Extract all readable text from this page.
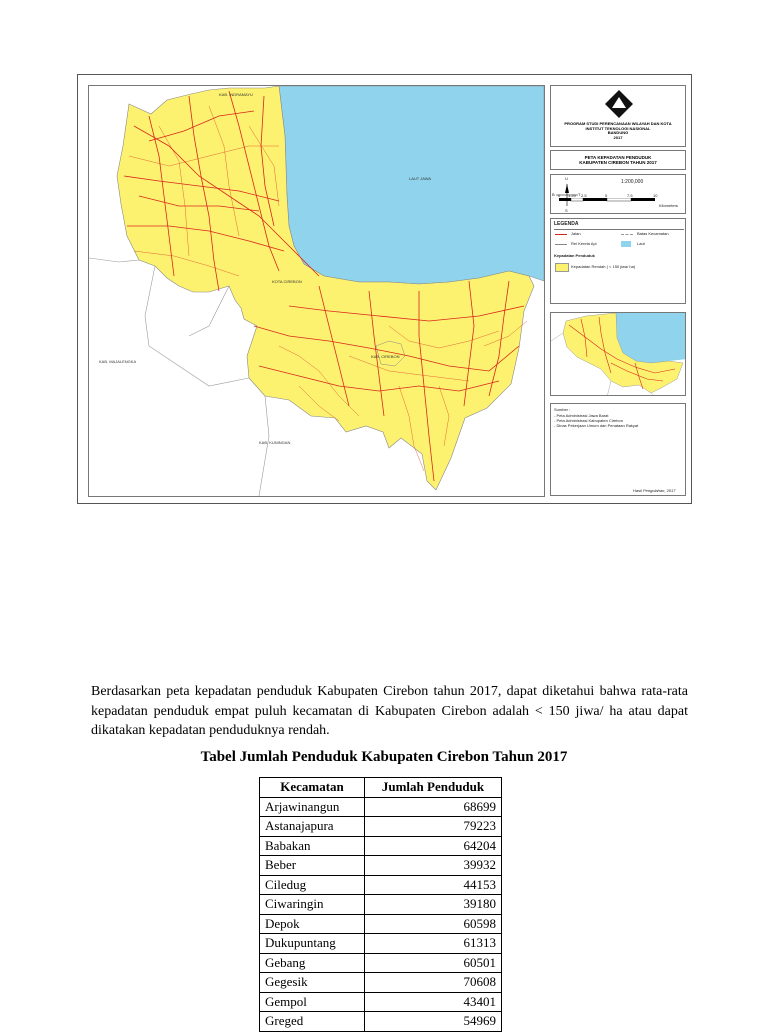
KAB. INDRAMAYU
KOTA CIREBON
KAB. MAJALENGKA
KAB. KUNINGAN
KAB. CIREBON
LAUT JAWA
PROGRAM STUDI PERENCANAAN WILAYAH DAN KOTA
INSTITUT TEKNOLOGI NASIONAL
BANDUNG
2017
PETA KEPADATAN PENDUDUK
KABUPATEN CIREBON TAHUN 2017
U
S
B	T
1:200,000
0 1.25 2.5	5	7.5	10
Kilometers
LEGENDA
Jalan	Batas Kecamatan
Rel Kereta Api	Laut
Kepadatan Penduduk
Kepadatan Rendah ( < 150 jiwa/ ha)
Sumber :
- Peta Administrasi Jawa Barat
- Peta Administrasi Kabupaten Cirebon
- Dinas Pekerjaan Umum dan Penataan Rakyat
Hasil Pengolahan, 2017

Berdasarkan peta kepadatan penduduk Kabupaten Cirebon tahun 2017, dapat diketahui bahwa rata-rata kepadatan penduduk empat puluh kecamatan di Kabupaten Cirebon adalah < 150 jiwa/ ha atau dapat dikatakan kepadatan penduduknya rendah.

Tabel Jumlah Penduduk Kabupaten Cirebon Tahun 2017
Kecamatan	Jumlah Penduduk
Arjawinangun	68699
Astanajapura	79223
Babakan	64204
Beber	39932
Ciledug	44153
Ciwaringin	39180
Depok	60598
Dukupuntang	61313
Gebang	60501
Gegesik	70608
Gempol	43401
Greged	54969
